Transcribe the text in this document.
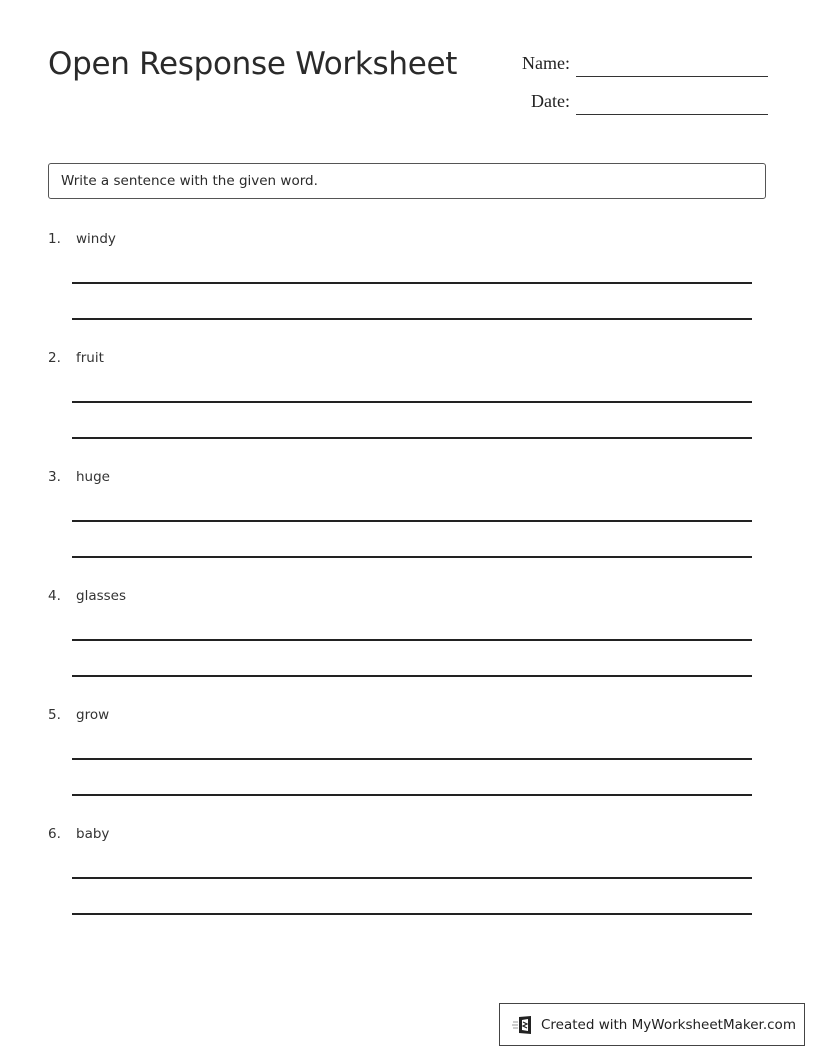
Open Response Worksheet	Name:
Date:
Write a sentence with the given word.
1. windy
2. fruit
3. huge
4. glasses
5. grow
6. baby
Created with MyWorksheetMaker.com
